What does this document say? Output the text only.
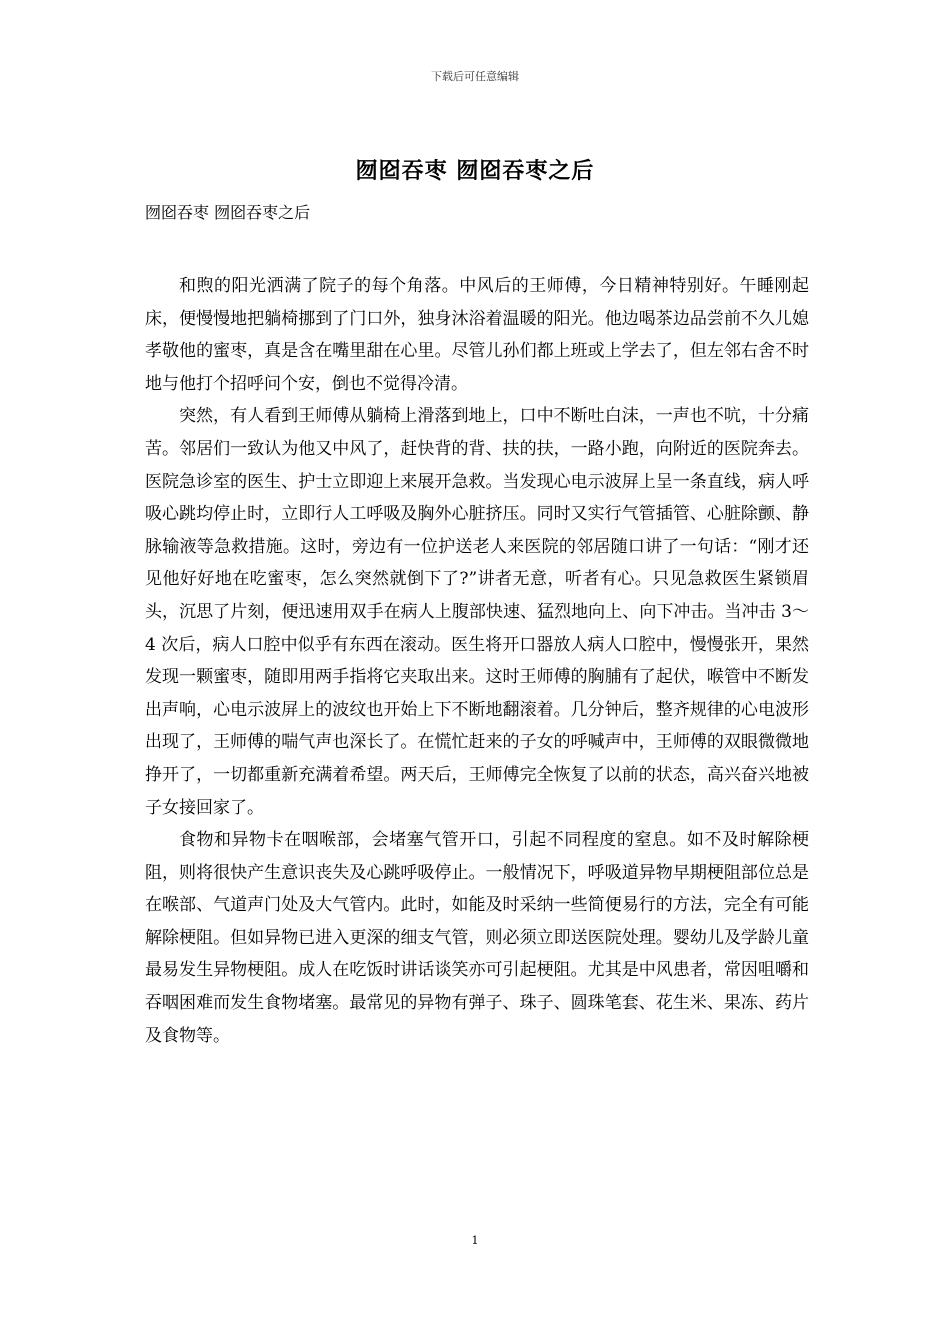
下载后可任意编辑
囫囵吞枣 囫囵吞枣之后
囫囵吞枣 囫囵吞枣之后

和煦的阳光洒满了院子的每个角落。中风后的王师傅，今日精神特别好。午睡刚起床，便慢慢地把躺椅挪到了门口外，独身沐浴着温暖的阳光。他边喝茶边品尝前不久儿媳孝敬他的蜜枣，真是含在嘴里甜在心里。尽管儿孙们都上班或上学去了，但左邻右舍不时地与他打个招呼问个安，倒也不觉得冷清。

突然，有人看到王师傅从躺椅上滑落到地上，口中不断吐白沫，一声也不吭，十分痛苦。邻居们一致认为他又中风了，赶快背的背、扶的扶，一路小跑，向附近的医院奔去。医院急诊室的医生、护士立即迎上来展开急救。当发现心电示波屏上呈一条直线，病人呼吸心跳均停止时，立即行人工呼吸及胸外心脏挤压。同时又实行气管插管、心脏除颤、静脉输液等急救措施。这时，旁边有一位护送老人来医院的邻居随口讲了一句话：“刚才还见他好好地在吃蜜枣，怎么突然就倒下了?”讲者无意，听者有心。只见急救医生紧锁眉头，沉思了片刻，便迅速用双手在病人上腹部快速、猛烈地向上、向下冲击。当冲击 3～4 次后，病人口腔中似乎有东西在滚动。医生将开口器放人病人口腔中，慢慢张开，果然发现一颗蜜枣，随即用两手指将它夹取出来。这时王师傅的胸脯有了起伏，喉管中不断发出声响，心电示波屏上的波纹也开始上下不断地翻滚着。几分钟后，整齐规律的心电波形出现了，王师傅的喘气声也深长了。在慌忙赶来的子女的呼喊声中，王师傅的双眼微微地挣开了，一切都重新充满着希望。两天后，王师傅完全恢复了以前的状态，高兴奋兴地被子女接回家了。

食物和异物卡在咽喉部，会堵塞气管开口，引起不同程度的窒息。如不及时解除梗阻，则将很快产生意识丧失及心跳呼吸停止。一般情况下，呼吸道异物早期梗阻部位总是在喉部、气道声门处及大气管内。此时，如能及时采纳一些简便易行的方法，完全有可能解除梗阻。但如异物已进入更深的细支气管，则必须立即送医院处理。婴幼儿及学龄儿童最易发生异物梗阻。成人在吃饭时讲话谈笑亦可引起梗阻。尤其是中风患者，常因咀嚼和吞咽困难而发生食物堵塞。最常见的异物有弹子、珠子、圆珠笔套、花生米、果冻、药片及食物等。

1
